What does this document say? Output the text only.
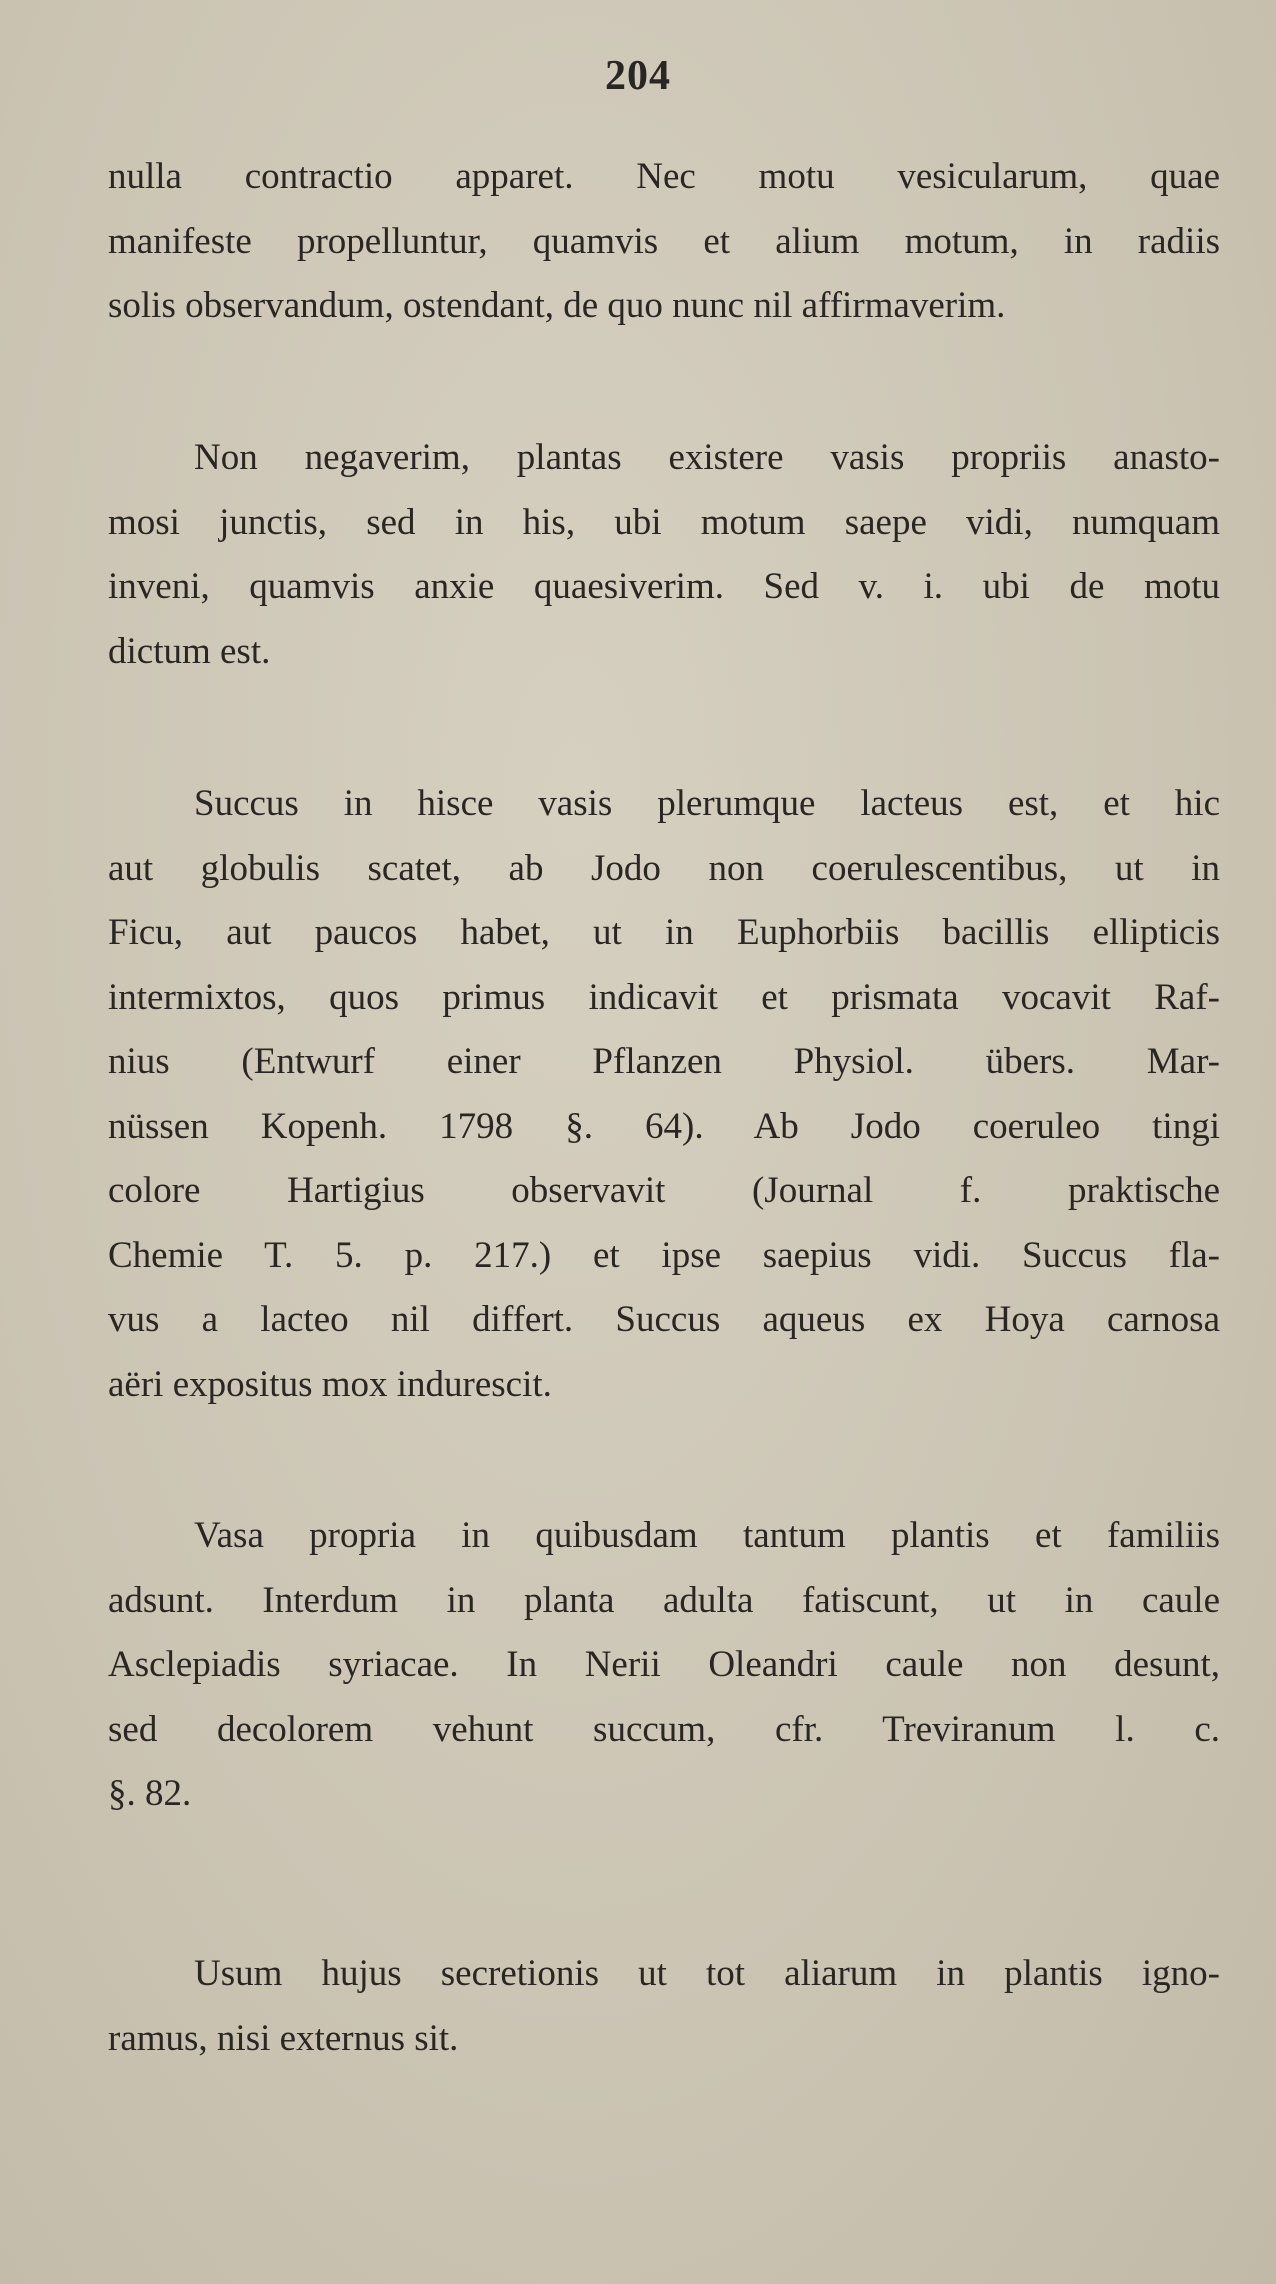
204

nulla contractio apparet. Nec motu vesicularum, quae
manifeste propelluntur, quamvis et alium motum, in radiis
solis observandum, ostendant, de quo nunc nil affirmaverim.

Non negaverim, plantas existere vasis propriis anasto-
mosi junctis, sed in his, ubi motum saepe vidi, numquam
inveni, quamvis anxie quaesiverim. Sed v. i. ubi de motu
dictum est.

Succus in hisce vasis plerumque lacteus est, et hic
aut globulis scatet, ab Jodo non coerulescentibus, ut in
Ficu, aut paucos habet, ut in Euphorbiis bacillis ellipticis
intermixtos, quos primus indicavit et prismata vocavit Raf-
nius (Entwurf einer Pflanzen Physiol. übers. Mar-
nüssen Kopenh. 1798 §. 64). Ab Jodo coeruleo tingi
colore Hartigius observavit (Journal f. praktische
Chemie T. 5. p. 217.) et ipse saepius vidi. Succus fla-
vus a lacteo nil differt. Succus aqueus ex Hoya carnosa
aëri expositus mox indurescit.

Vasa propria in quibusdam tantum plantis et familiis
adsunt. Interdum in planta adulta fatiscunt, ut in caule
Asclepiadis syriacae. In Nerii Oleandri caule non desunt,
sed decolorem vehunt succum, cfr. Treviranum l. c.
§. 82.

Usum hujus secretionis ut tot aliarum in plantis igno-
ramus, nisi externus sit.
